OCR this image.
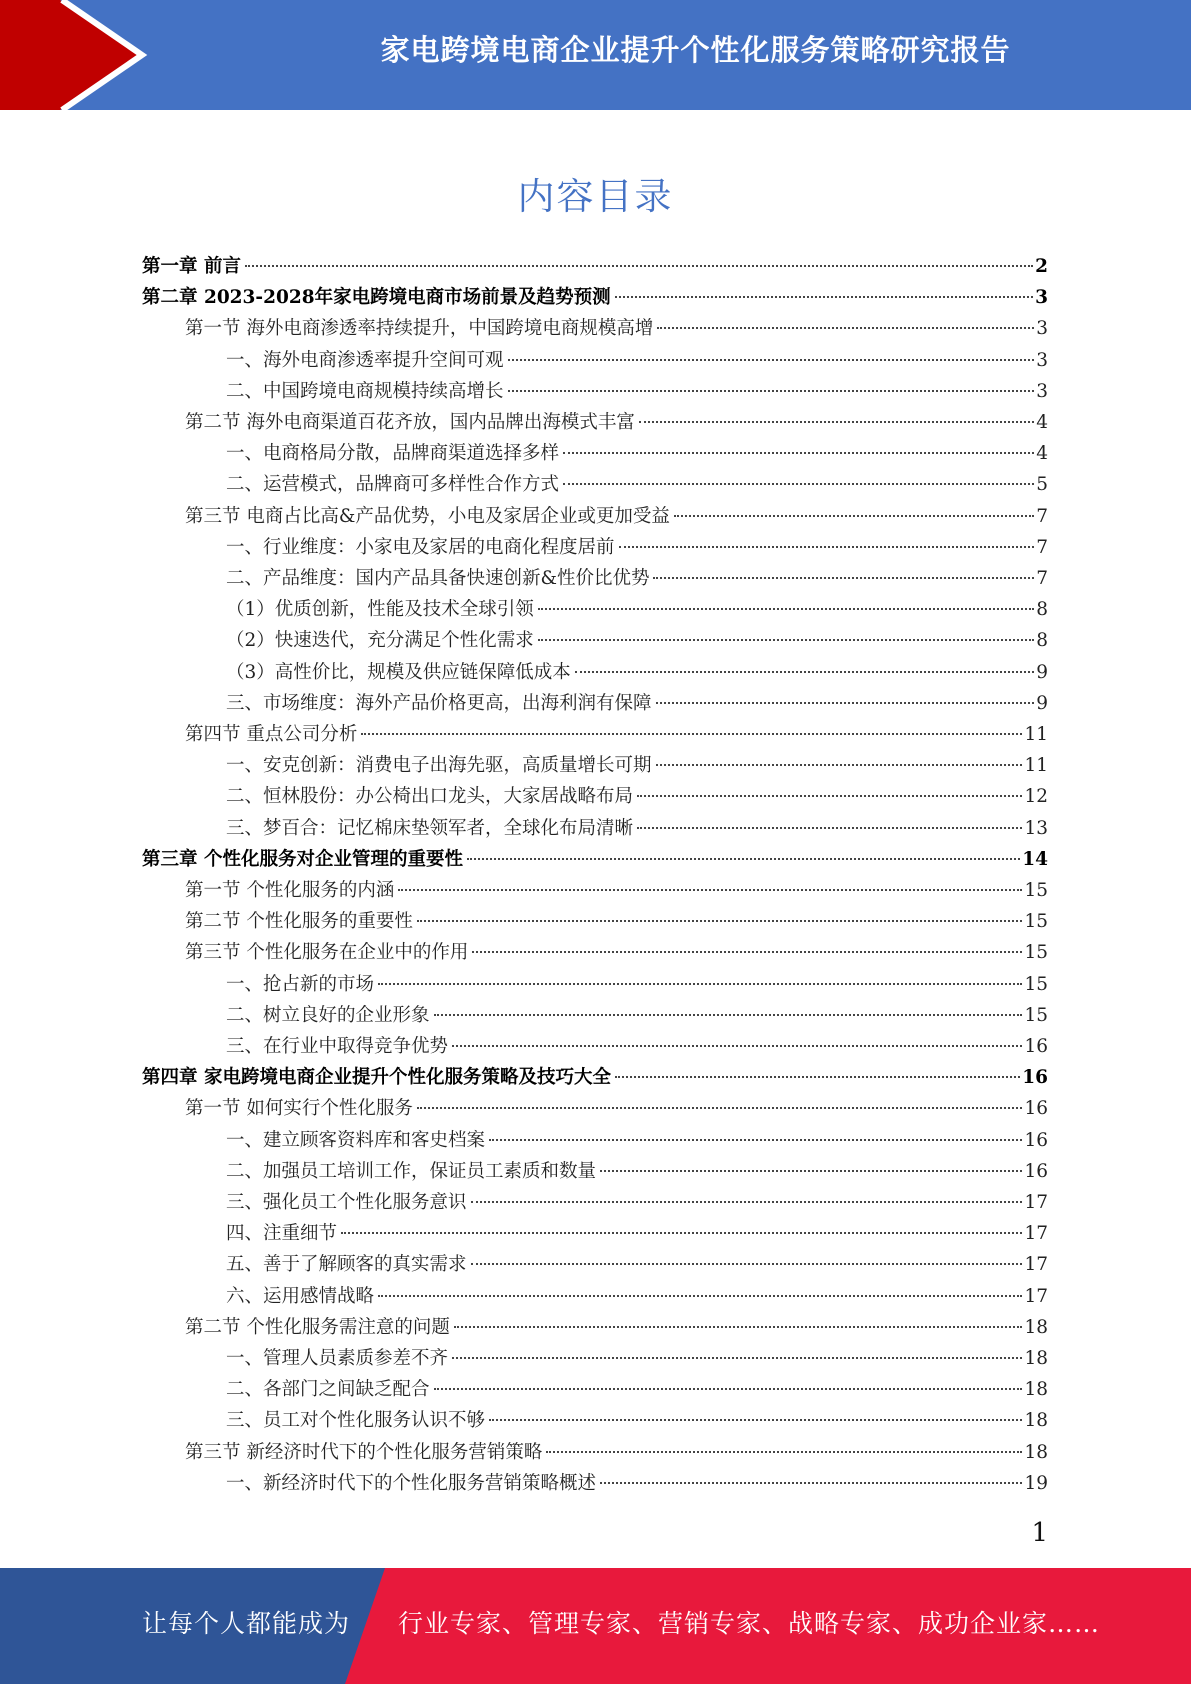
家电跨境电商企业提升个性化服务策略研究报告
内容目录
第一章 前言	2
第二章 2023-2028年家电跨境电商市场前景及趋势预测	3
第一节 海外电商渗透率持续提升，中国跨境电商规模高增	3
一、海外电商渗透率提升空间可观	3
二、中国跨境电商规模持续高增长	3
第二节 海外电商渠道百花齐放，国内品牌出海模式丰富	4
一、电商格局分散，品牌商渠道选择多样	4
二、运营模式，品牌商可多样性合作方式	5
第三节 电商占比高&产品优势，小电及家居企业或更加受益	7
一、行业维度：小家电及家居的电商化程度居前	7
二、产品维度：国内产品具备快速创新&性价比优势	7
（1）优质创新，性能及技术全球引领	8
（2）快速迭代，充分满足个性化需求	8
（3）高性价比，规模及供应链保障低成本	9
三、市场维度：海外产品价格更高，出海利润有保障	9
第四节 重点公司分析	11
一、安克创新：消费电子出海先驱，高质量增长可期	11
二、恒林股份：办公椅出口龙头，大家居战略布局	12
三、梦百合：记忆棉床垫领军者，全球化布局清晰	13
第三章 个性化服务对企业管理的重要性	14
第一节 个性化服务的内涵	15
第二节 个性化服务的重要性	15
第三节 个性化服务在企业中的作用	15
一、抢占新的市场	15
二、树立良好的企业形象	15
三、在行业中取得竞争优势	16
第四章 家电跨境电商企业提升个性化服务策略及技巧大全	16
第一节 如何实行个性化服务	16
一、建立顾客资料库和客史档案	16
二、加强员工培训工作，保证员工素质和数量	16
三、强化员工个性化服务意识	17
四、注重细节	17
五、善于了解顾客的真实需求	17
六、运用感情战略	17
第二节 个性化服务需注意的问题	18
一、管理人员素质参差不齐	18
二、各部门之间缺乏配合	18
三、员工对个性化服务认识不够	18
第三节 新经济时代下的个性化服务营销策略	18
一、新经济时代下的个性化服务营销策略概述	19
1
让每个人都能成为 行业专家、管理专家、营销专家、战略专家、成功企业家……
